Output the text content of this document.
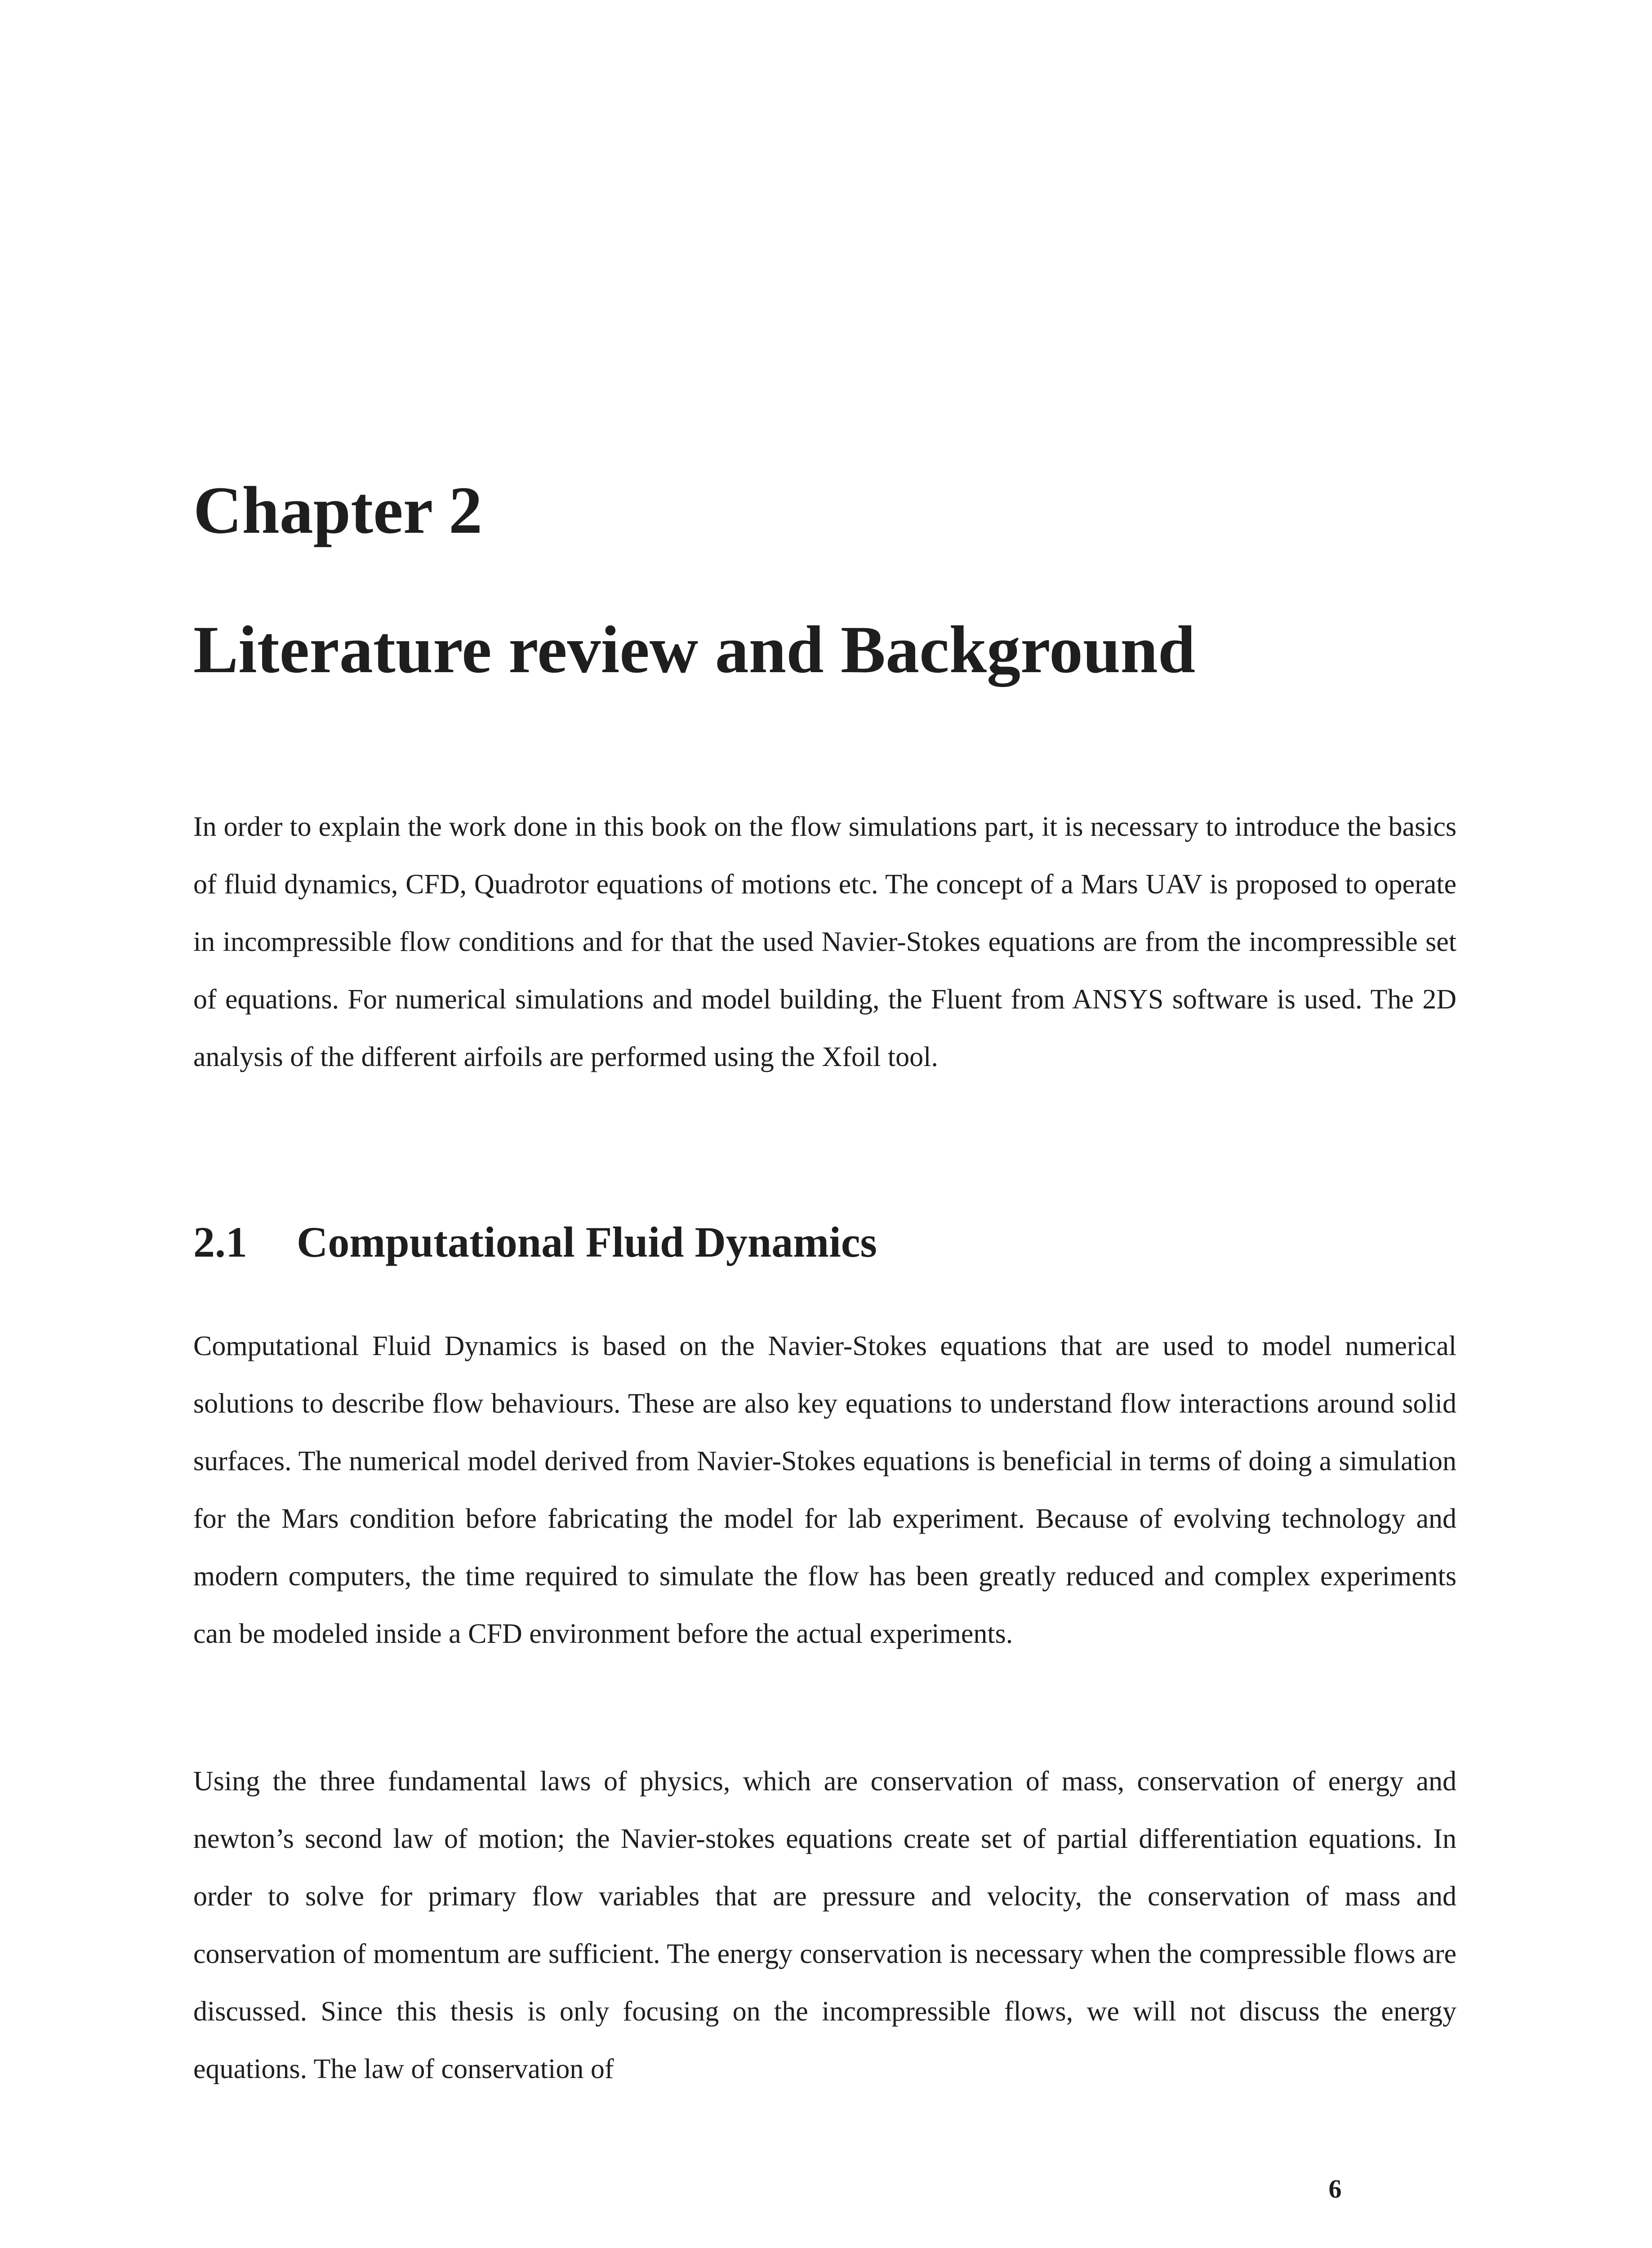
Chapter 2
Literature review and Background

In order to explain the work done in this book on the flow simulations part, it is necessary to introduce the basics of fluid dynamics, CFD, Quadrotor equations of motions etc. The concept of a Mars UAV is proposed to operate in incompressible flow conditions and for that the used Navier-Stokes equations are from the incompressible set of equations. For numerical simulations and model building, the Fluent from ANSYS software is used. The 2D analysis of the different airfoils are performed using the Xfoil tool.

2.1 Computational Fluid Dynamics

Computational Fluid Dynamics is based on the Navier-Stokes equations that are used to model numerical solutions to describe flow behaviours. These are also key equations to understand flow interactions around solid surfaces. The numerical model derived from Navier-Stokes equations is beneficial in terms of doing a simulation for the Mars condition before fabricating the model for lab experiment. Because of evolving technology and modern computers, the time required to simulate the flow has been greatly reduced and complex experiments can be modeled inside a CFD environment before the actual experiments.

Using the three fundamental laws of physics, which are conservation of mass, conservation of energy and newton’s second law of motion; the Navier-stokes equations create set of partial differentiation equations. In order to solve for primary flow variables that are pressure and velocity, the conservation of mass and conservation of momentum are sufficient. The energy conservation is necessary when the compressible flows are discussed. Since this thesis is only focusing on the incompressible flows, we will not discuss the energy equations. The law of conservation of

6
